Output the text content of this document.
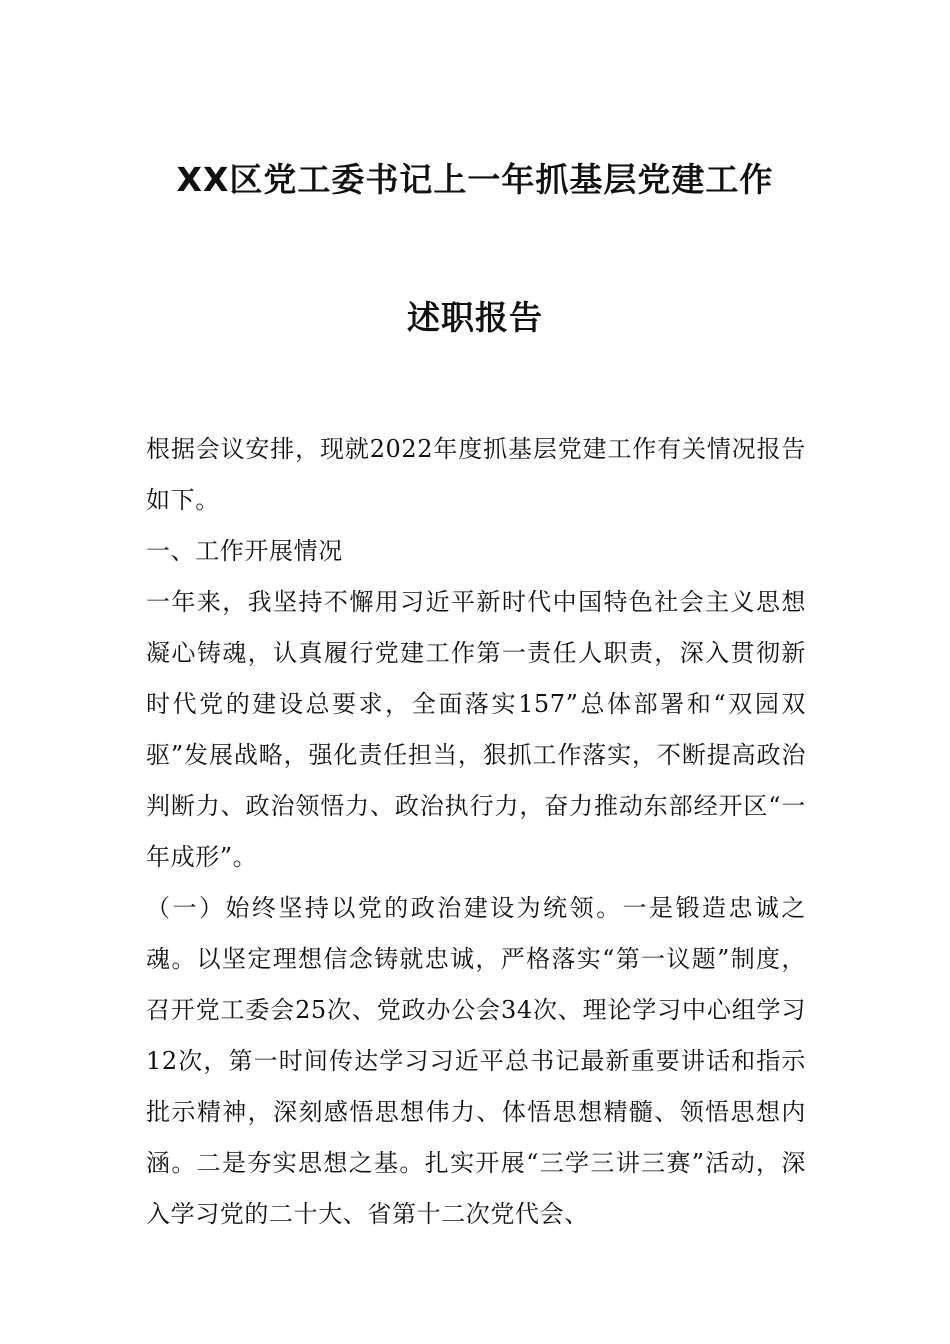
XX区党工委书记上一年抓基层党建工作
述职报告

根据会议安排，现就2022年度抓基层党建工作有关情况报告如下。

一、工作开展情况

一年来，我坚持不懈用习近平新时代中国特色社会主义思想凝心铸魂，认真履行党建工作第一责任人职责，深入贯彻新时代党的建设总要求，全面落实157”总体部署和“双园双驱”发展战略，强化责任担当，狠抓工作落实，不断提高政治判断力、政治领悟力、政治执行力，奋力推动东部经开区“一年成形”。

（一）始终坚持以党的政治建设为统领。一是锻造忠诚之魂。以坚定理想信念铸就忠诚，严格落实“第一议题”制度，召开党工委会25次、党政办公会34次、理论学习中心组学习12次，第一时间传达学习习近平总书记最新重要讲话和指示批示精神，深刻感悟思想伟力、体悟思想精髓、领悟思想内涵。二是夯实思想之基。扎实开展“三学三讲三赛”活动，深入学习党的二十大、省第十二次党代会、
